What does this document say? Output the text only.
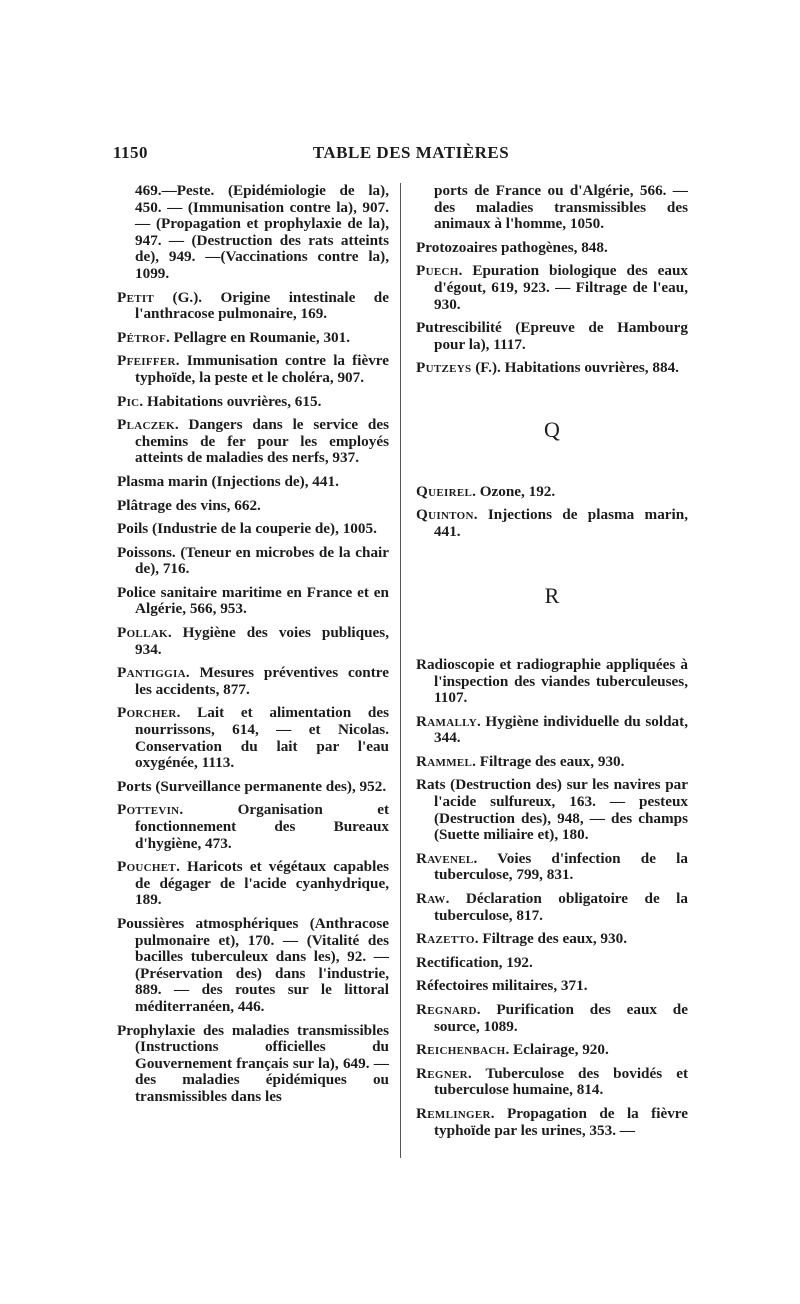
1150	TABLE DES MATIÈRES
469.—Peste. (Epidémiologie de la), 450. — (Immunisation contre la), 907. — (Propagation et prophylaxie de la), 947. — (Destruction des rats atteints de), 949. —(Vaccinations contre la), 1099.
Petit (G.). Origine intestinale de l'anthracose pulmonaire, 169.
Pétrof. Pellagre en Roumanie, 301.
Pfeiffer. Immunisation contre la fièvre typhoïde, la peste et le choléra, 907.
Pic. Habitations ouvrières, 615.
Placzek. Dangers dans le service des chemins de fer pour les employés atteints de maladies des nerfs, 937.
Plasma marin (Injections de), 441.
Plâtrage des vins, 662.
Poils (Industrie de la couperie de), 1005.
Poissons. (Teneur en microbes de la chair de), 716.
Police sanitaire maritime en France et en Algérie, 566, 953.
Pollak. Hygiène des voies publiques, 934.
Pantiggia. Mesures préventives contre les accidents, 877.
Porcher. Lait et alimentation des nourrissons, 614, — et Nicolas. Conservation du lait par l'eau oxygénée, 1113.
Ports (Surveillance permanente des), 952.
Pottevin. Organisation et fonctionnement des Bureaux d'hygiène, 473.
Pouchet. Haricots et végétaux capables de dégager de l'acide cyanhydrique, 189.
Poussières atmosphériques (Anthracose pulmonaire et), 170. — (Vitalité des bacilles tuberculeux dans les), 92. — (Préservation des) dans l'industrie, 889. — des routes sur le littoral méditerranéen, 446.
Prophylaxie des maladies transmissibles (Instructions officielles du Gouvernement français sur la), 649. — des maladies épidémiques ou transmissibles dans les
ports de France ou d'Algérie, 566. — des maladies transmissibles des animaux à l'homme, 1050.
Protozoaires pathogènes, 848.
Puech. Epuration biologique des eaux d'égout, 619, 923. — Filtrage de l'eau, 930.
Putrescibilité (Epreuve de Hambourg pour la), 1117.
Putzeys (F.). Habitations ouvrières, 884.
Q
Queirel. Ozone, 192.
Quinton. Injections de plasma marin, 441.
R
Radioscopie et radiographie appliquées à l'inspection des viandes tuberculeuses, 1107.
Ramally. Hygiène individuelle du soldat, 344.
Rammel. Filtrage des eaux, 930.
Rats (Destruction des) sur les navires par l'acide sulfureux, 163. — pesteux (Destruction des), 948, — des champs (Suette miliaire et), 180.
Ravenel. Voies d'infection de la tuberculose, 799, 831.
Raw. Déclaration obligatoire de la tuberculose, 817.
Razetto. Filtrage des eaux, 930.
Rectification, 192.
Réfectoires militaires, 371.
Regnard. Purification des eaux de source, 1089.
Reichenbach. Eclairage, 920.
Regner. Tuberculose des bovidés et tuberculose humaine, 814.
Remlinger. Propagation de la fièvre typhoïde par les urines, 353. —
